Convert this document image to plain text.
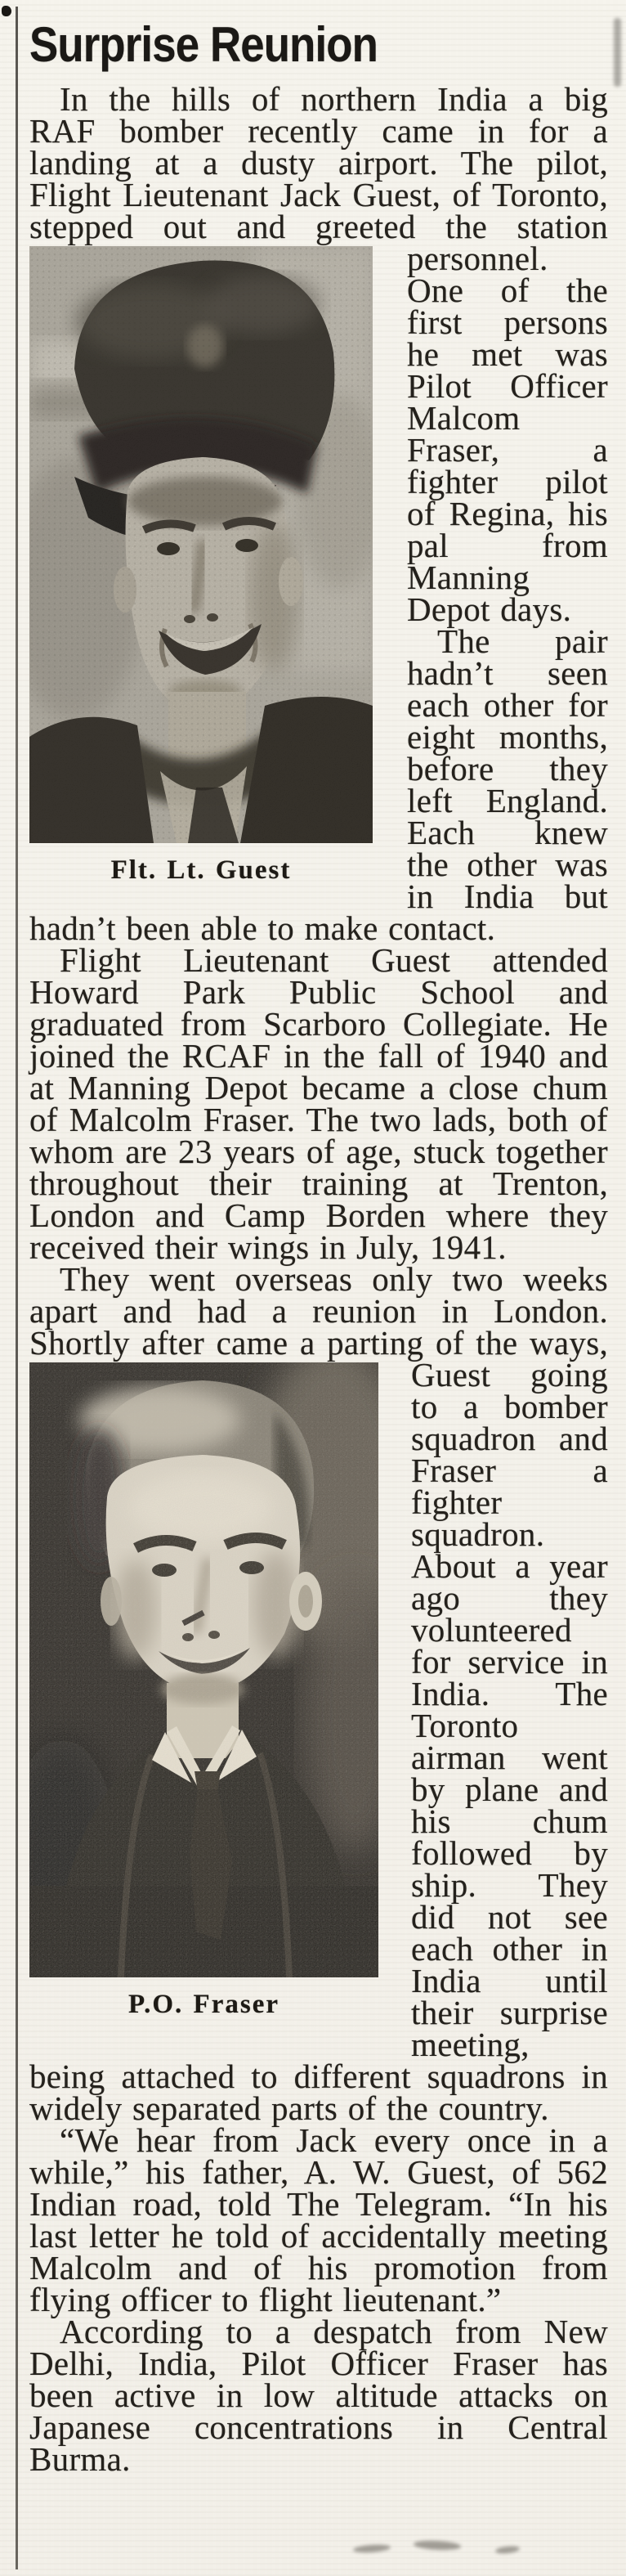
Surprise Reunion

In the hills of northern India a big RAF bomber recently came in for a landing at a dusty airport. The pilot, Flight Lieutenant Jack Guest, of Toronto, stepped out and greeted
Flt. Lt. Guest
the station personnel. One of the first persons he met was Pilot Officer Malcom Fraser, a fighter pilot of Regina, his pal from Manning Depot days.

The pair hadn’t seen each other for eight months, before they left England. Each knew the other was in India but hadn’t been able to make contact.

Flight Lieutenant Guest attended Howard Park Public School and graduated from Scarboro Collegiate. He joined the RCAF in the fall of 1940 and at Manning Depot became a close chum of Malcolm Fraser. The two lads, both of whom are 23 years of age, stuck together throughout their training at Trenton, London and Camp Borden where they received their wings in July, 1941.

They went overseas only two weeks apart and had a reunion in London. Shortly after came a parting
P.O. Fraser
of the ways, Guest going to a bomber squadron and Fraser a fighter squadron. About a year ago they volunteered for service in India. The Toronto airman went by plane and his chum followed by ship. They did not see each other in India until their surprise meeting, being attached to different squadrons in widely separated parts of the country.

“We hear from Jack every once in a while,” his father, A. W. Guest, of 562 Indian road, told The Telegram. “In his last letter he told of accidentally meeting Malcolm and of his promotion from flying officer to flight lieutenant.”

According to a despatch from New Delhi, India, Pilot Officer Fraser has been active in low altitude attacks on Japanese concentrations in Central Burma.
